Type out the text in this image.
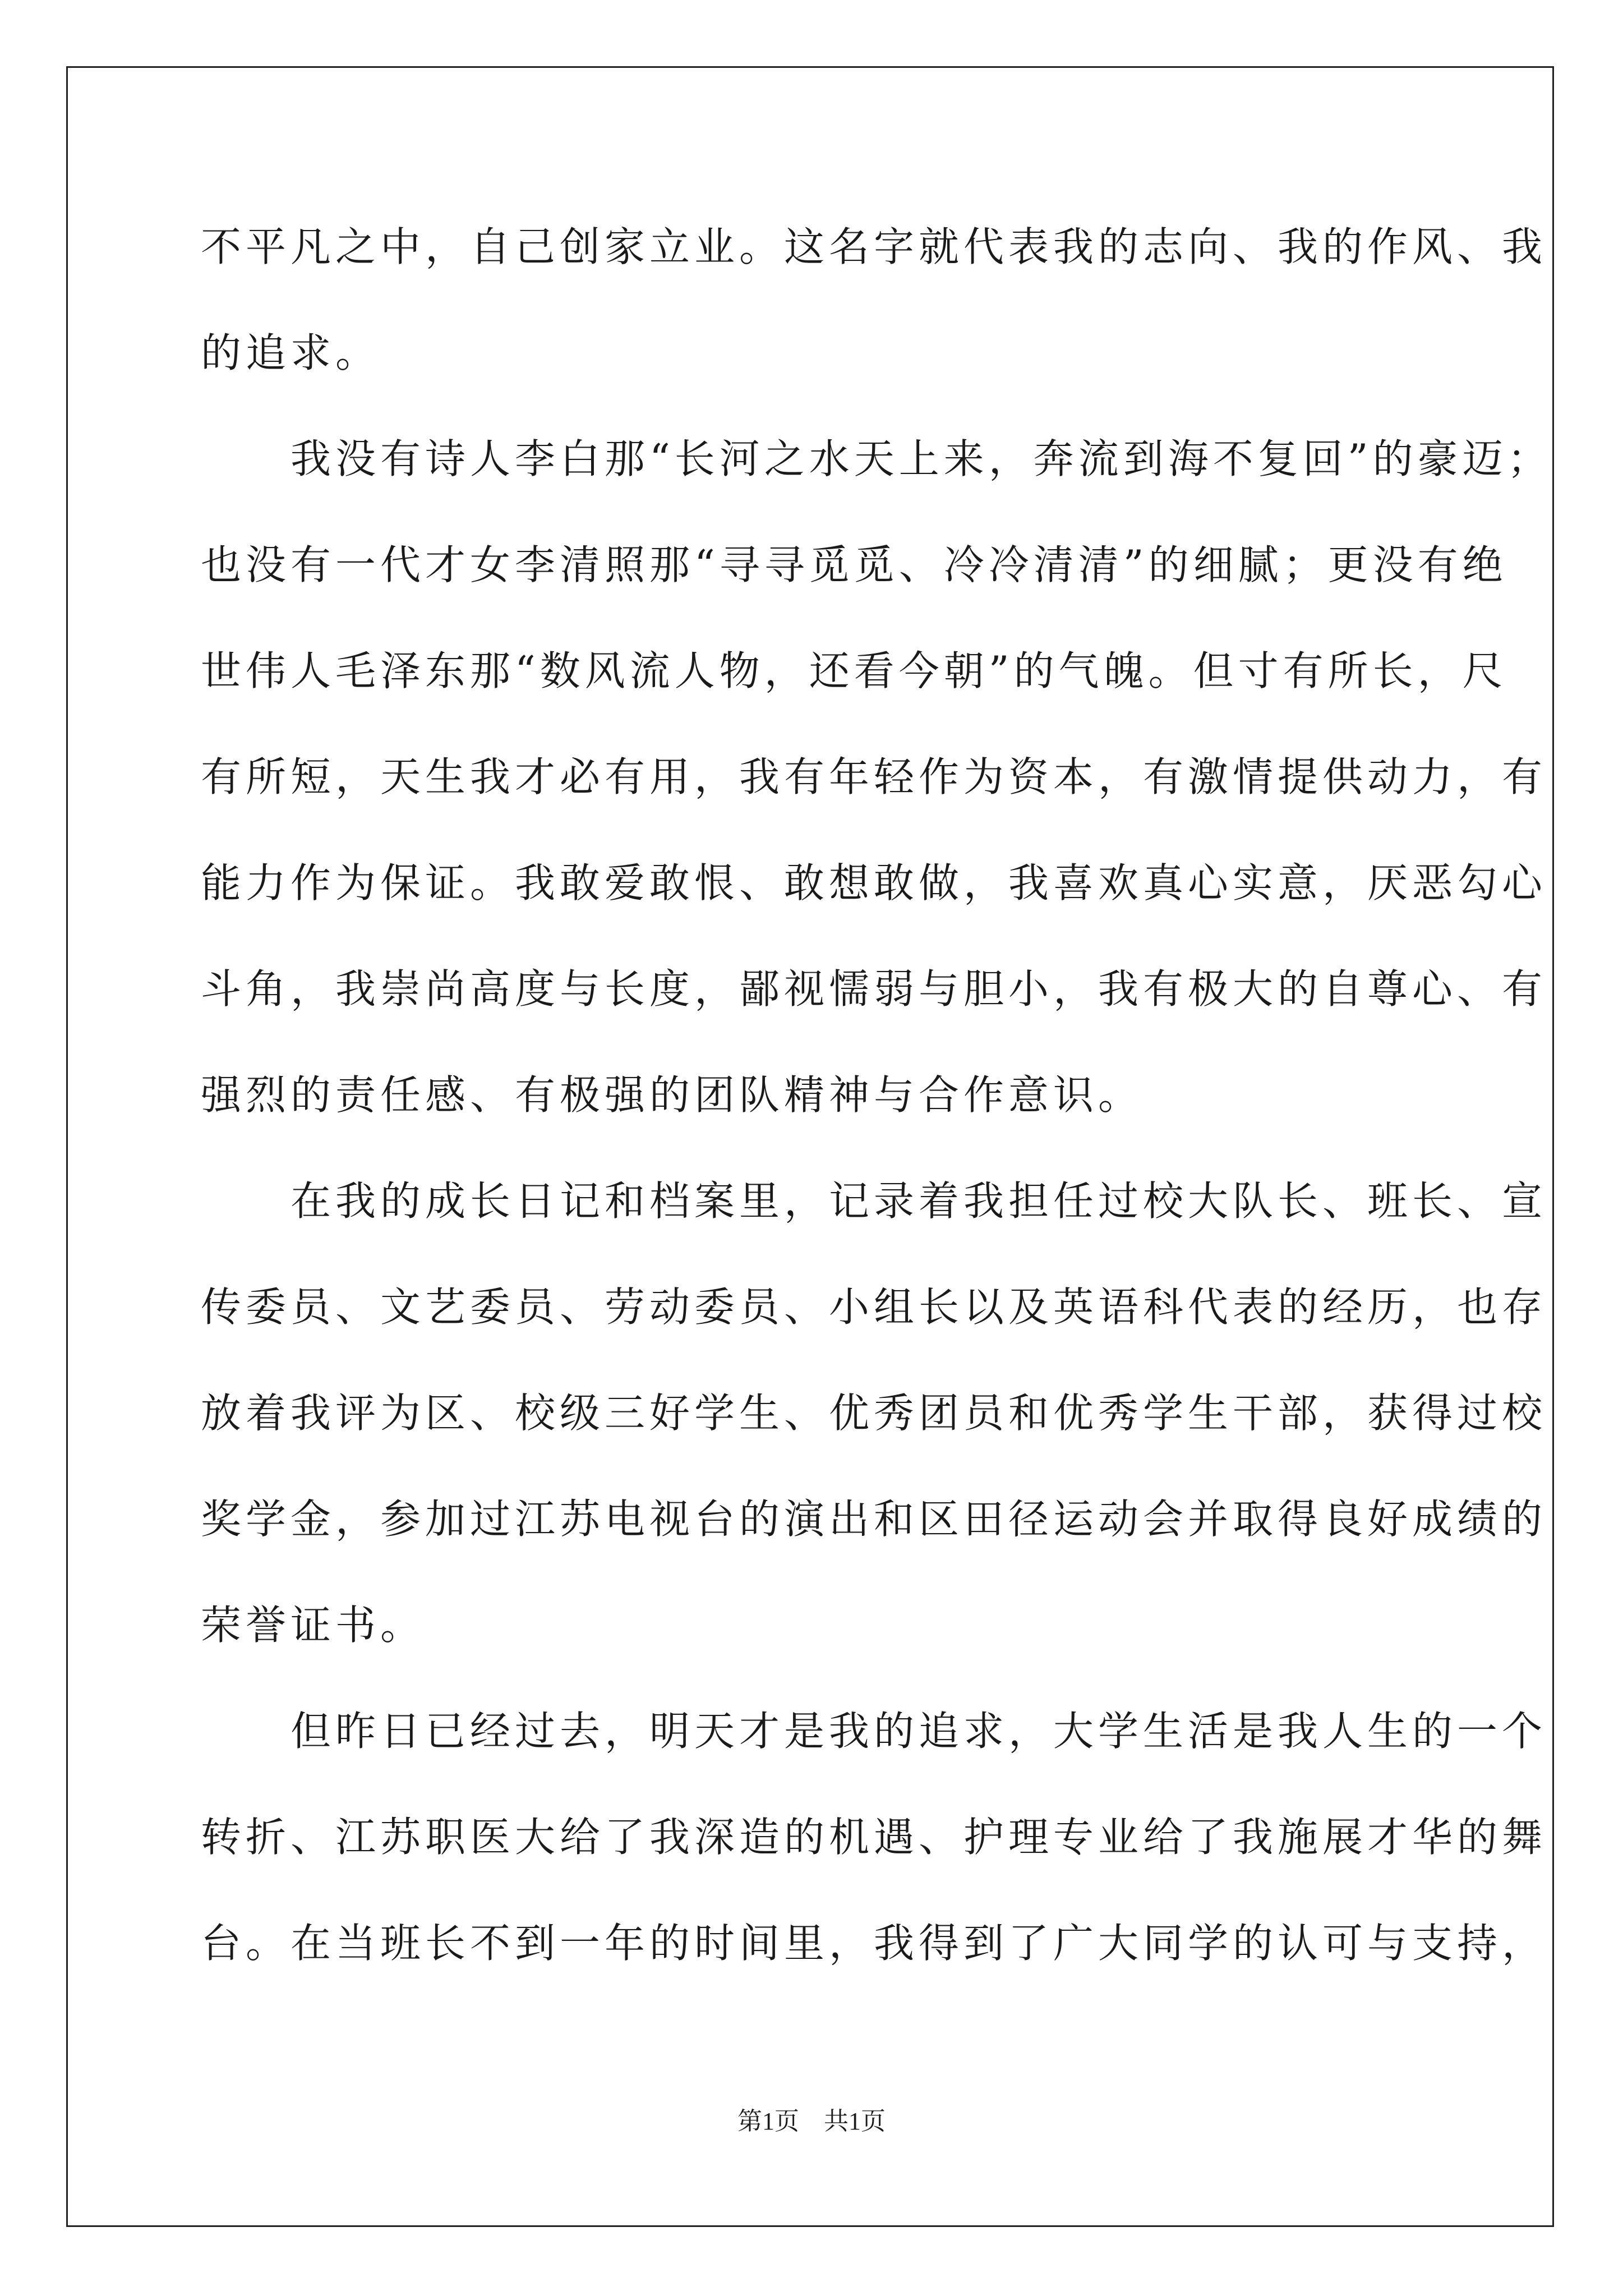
不平凡之中，自己创家立业。这名字就代表我的志向、我的作风、我
的追求。
　　我没有诗人李白那“长河之水天上来，奔流到海不复回”的豪迈；
也没有一代才女李清照那“寻寻觅觅、冷冷清清”的细腻；更没有绝
世伟人毛泽东那“数风流人物，还看今朝”的气魄。但寸有所长，尺
有所短，天生我才必有用，我有年轻作为资本，有激情提供动力，有
能力作为保证。我敢爱敢恨、敢想敢做，我喜欢真心实意，厌恶勾心
斗角，我崇尚高度与长度，鄙视懦弱与胆小，我有极大的自尊心、有
强烈的责任感、有极强的团队精神与合作意识。
　　在我的成长日记和档案里，记录着我担任过校大队长、班长、宣
传委员、文艺委员、劳动委员、小组长以及英语科代表的经历，也存
放着我评为区、校级三好学生、优秀团员和优秀学生干部，获得过校
奖学金，参加过江苏电视台的演出和区田径运动会并取得良好成绩的
荣誉证书。
　　但昨日已经过去，明天才是我的追求，大学生活是我人生的一个
转折、江苏职医大给了我深造的机遇、护理专业给了我施展才华的舞
台。在当班长不到一年的时间里，我得到了广大同学的认可与支持，
第1页　共1页
